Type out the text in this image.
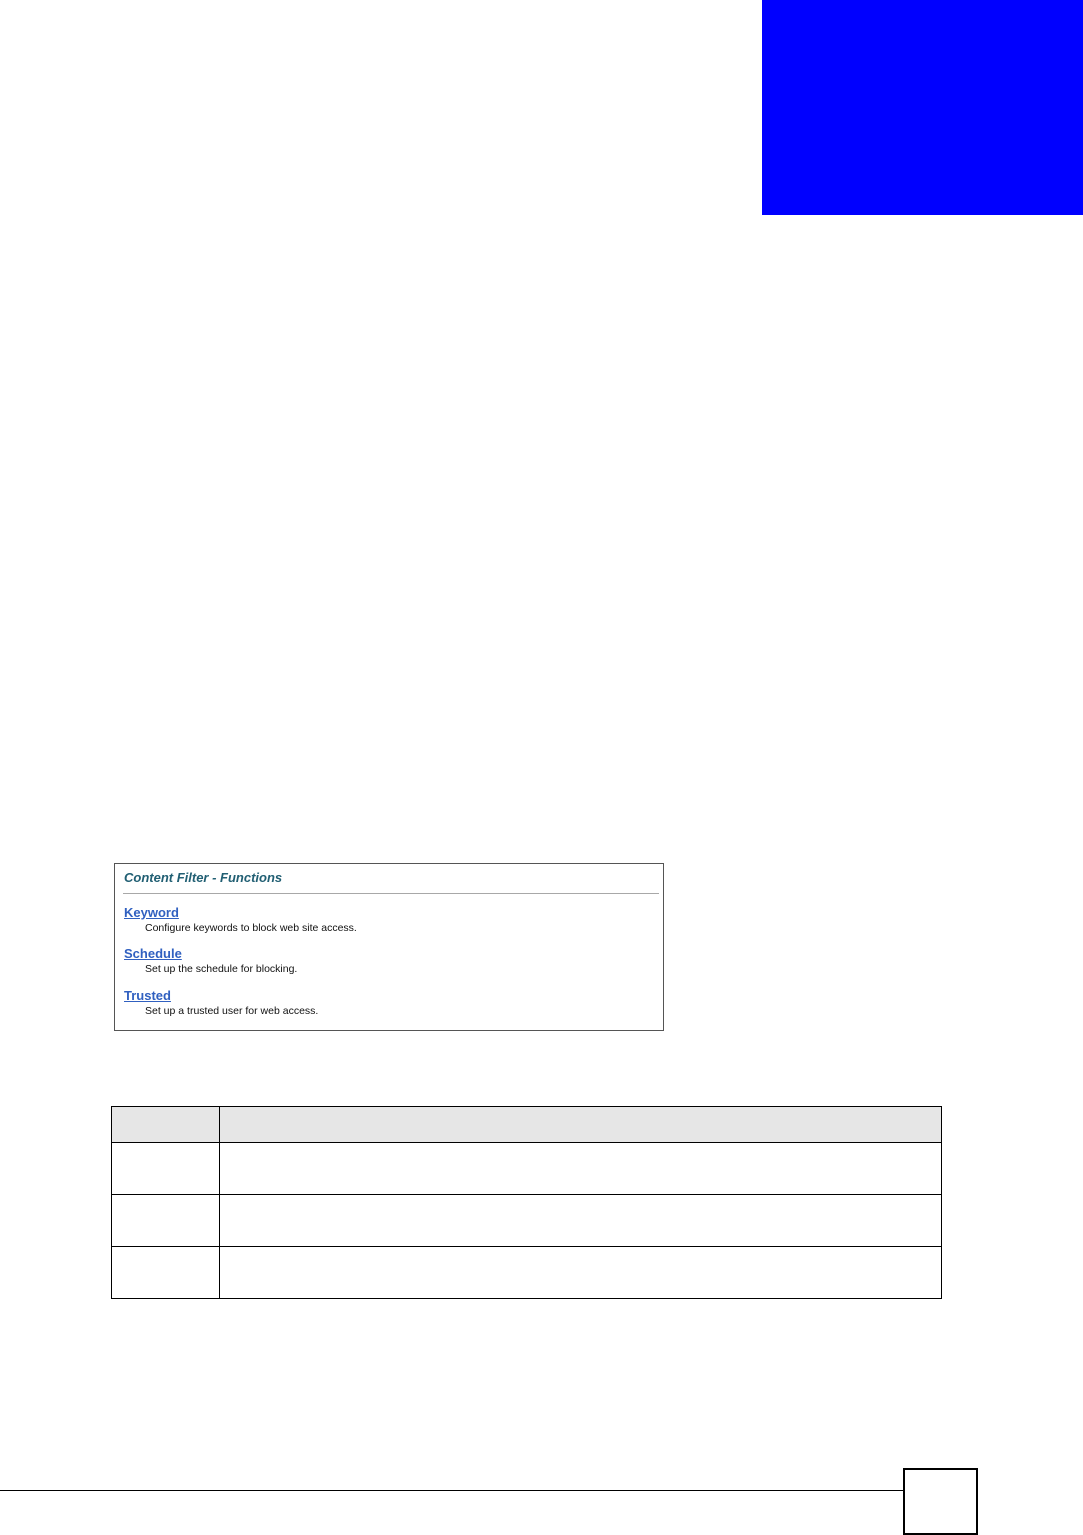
Content Filter - Functions
Keyword
Configure keywords to block web site access.
Schedule
Set up the schedule for blocking.
Trusted
Set up a trusted user for web access.
